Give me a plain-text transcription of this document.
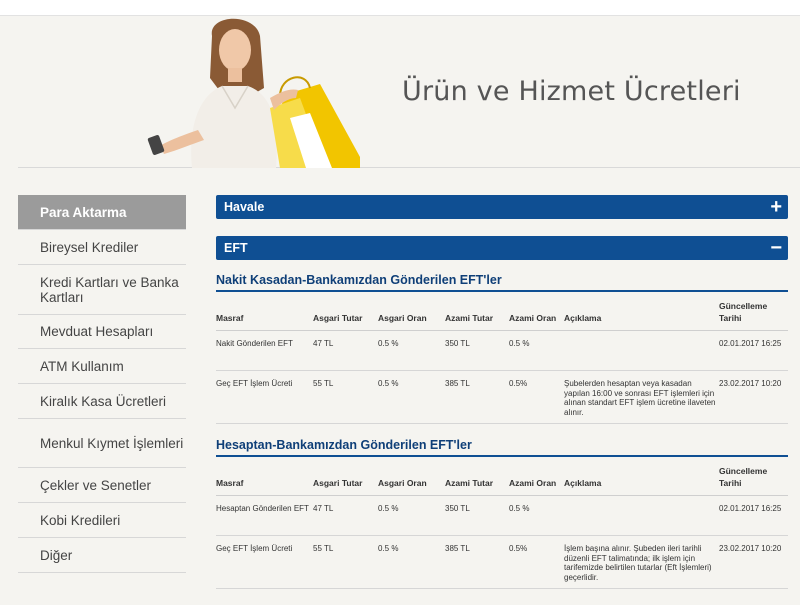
Ürün ve Hizmet Ücretleri
Para Aktarma
Bireysel Krediler
Kredi Kartları ve Banka Kartları
Mevduat Hesapları
ATM Kullanım
Kiralık Kasa Ücretleri
Menkul Kıymet İşlemleri
Çekler ve Senetler
Kobi Kredileri
Diğer
Havale	+
EFT	−
Nakit Kasadan-Bankamızdan Gönderilen EFT'ler
Masraf	Asgari Tutar	Asgari Oran	Azami Tutar	Azami Oran	Açıklama	Güncelleme Tarihi
Nakit Gönderilen EFT	47 TL	0.5 %	350 TL	0.5 %		02.01.2017 16:25
Geç EFT İşlem Ücreti	55 TL	0.5 %	385 TL	0.5%	Şubelerden hesaptan veya kasadan yapılan 16:00 ve sonrası EFT işlemleri için alınan standart EFT işlem ücretine ilaveten alınır.	23.02.2017 10:20
Hesaptan-Bankamızdan Gönderilen EFT'ler
Masraf	Asgari Tutar	Asgari Oran	Azami Tutar	Azami Oran	Açıklama	Güncelleme Tarihi
Hesaptan Gönderilen EFT	47 TL	0.5 %	350 TL	0.5 %		02.01.2017 16:25
Geç EFT İşlem Ücreti	55 TL	0.5 %	385 TL	0.5%	İşlem başına alınır. Şubeden ileri tarihli düzenli EFT talimatında; ilk işlem için tarifemizde belirtilen tutarlar (Eft İşlemleri) geçerlidir.	23.02.2017 10:20
